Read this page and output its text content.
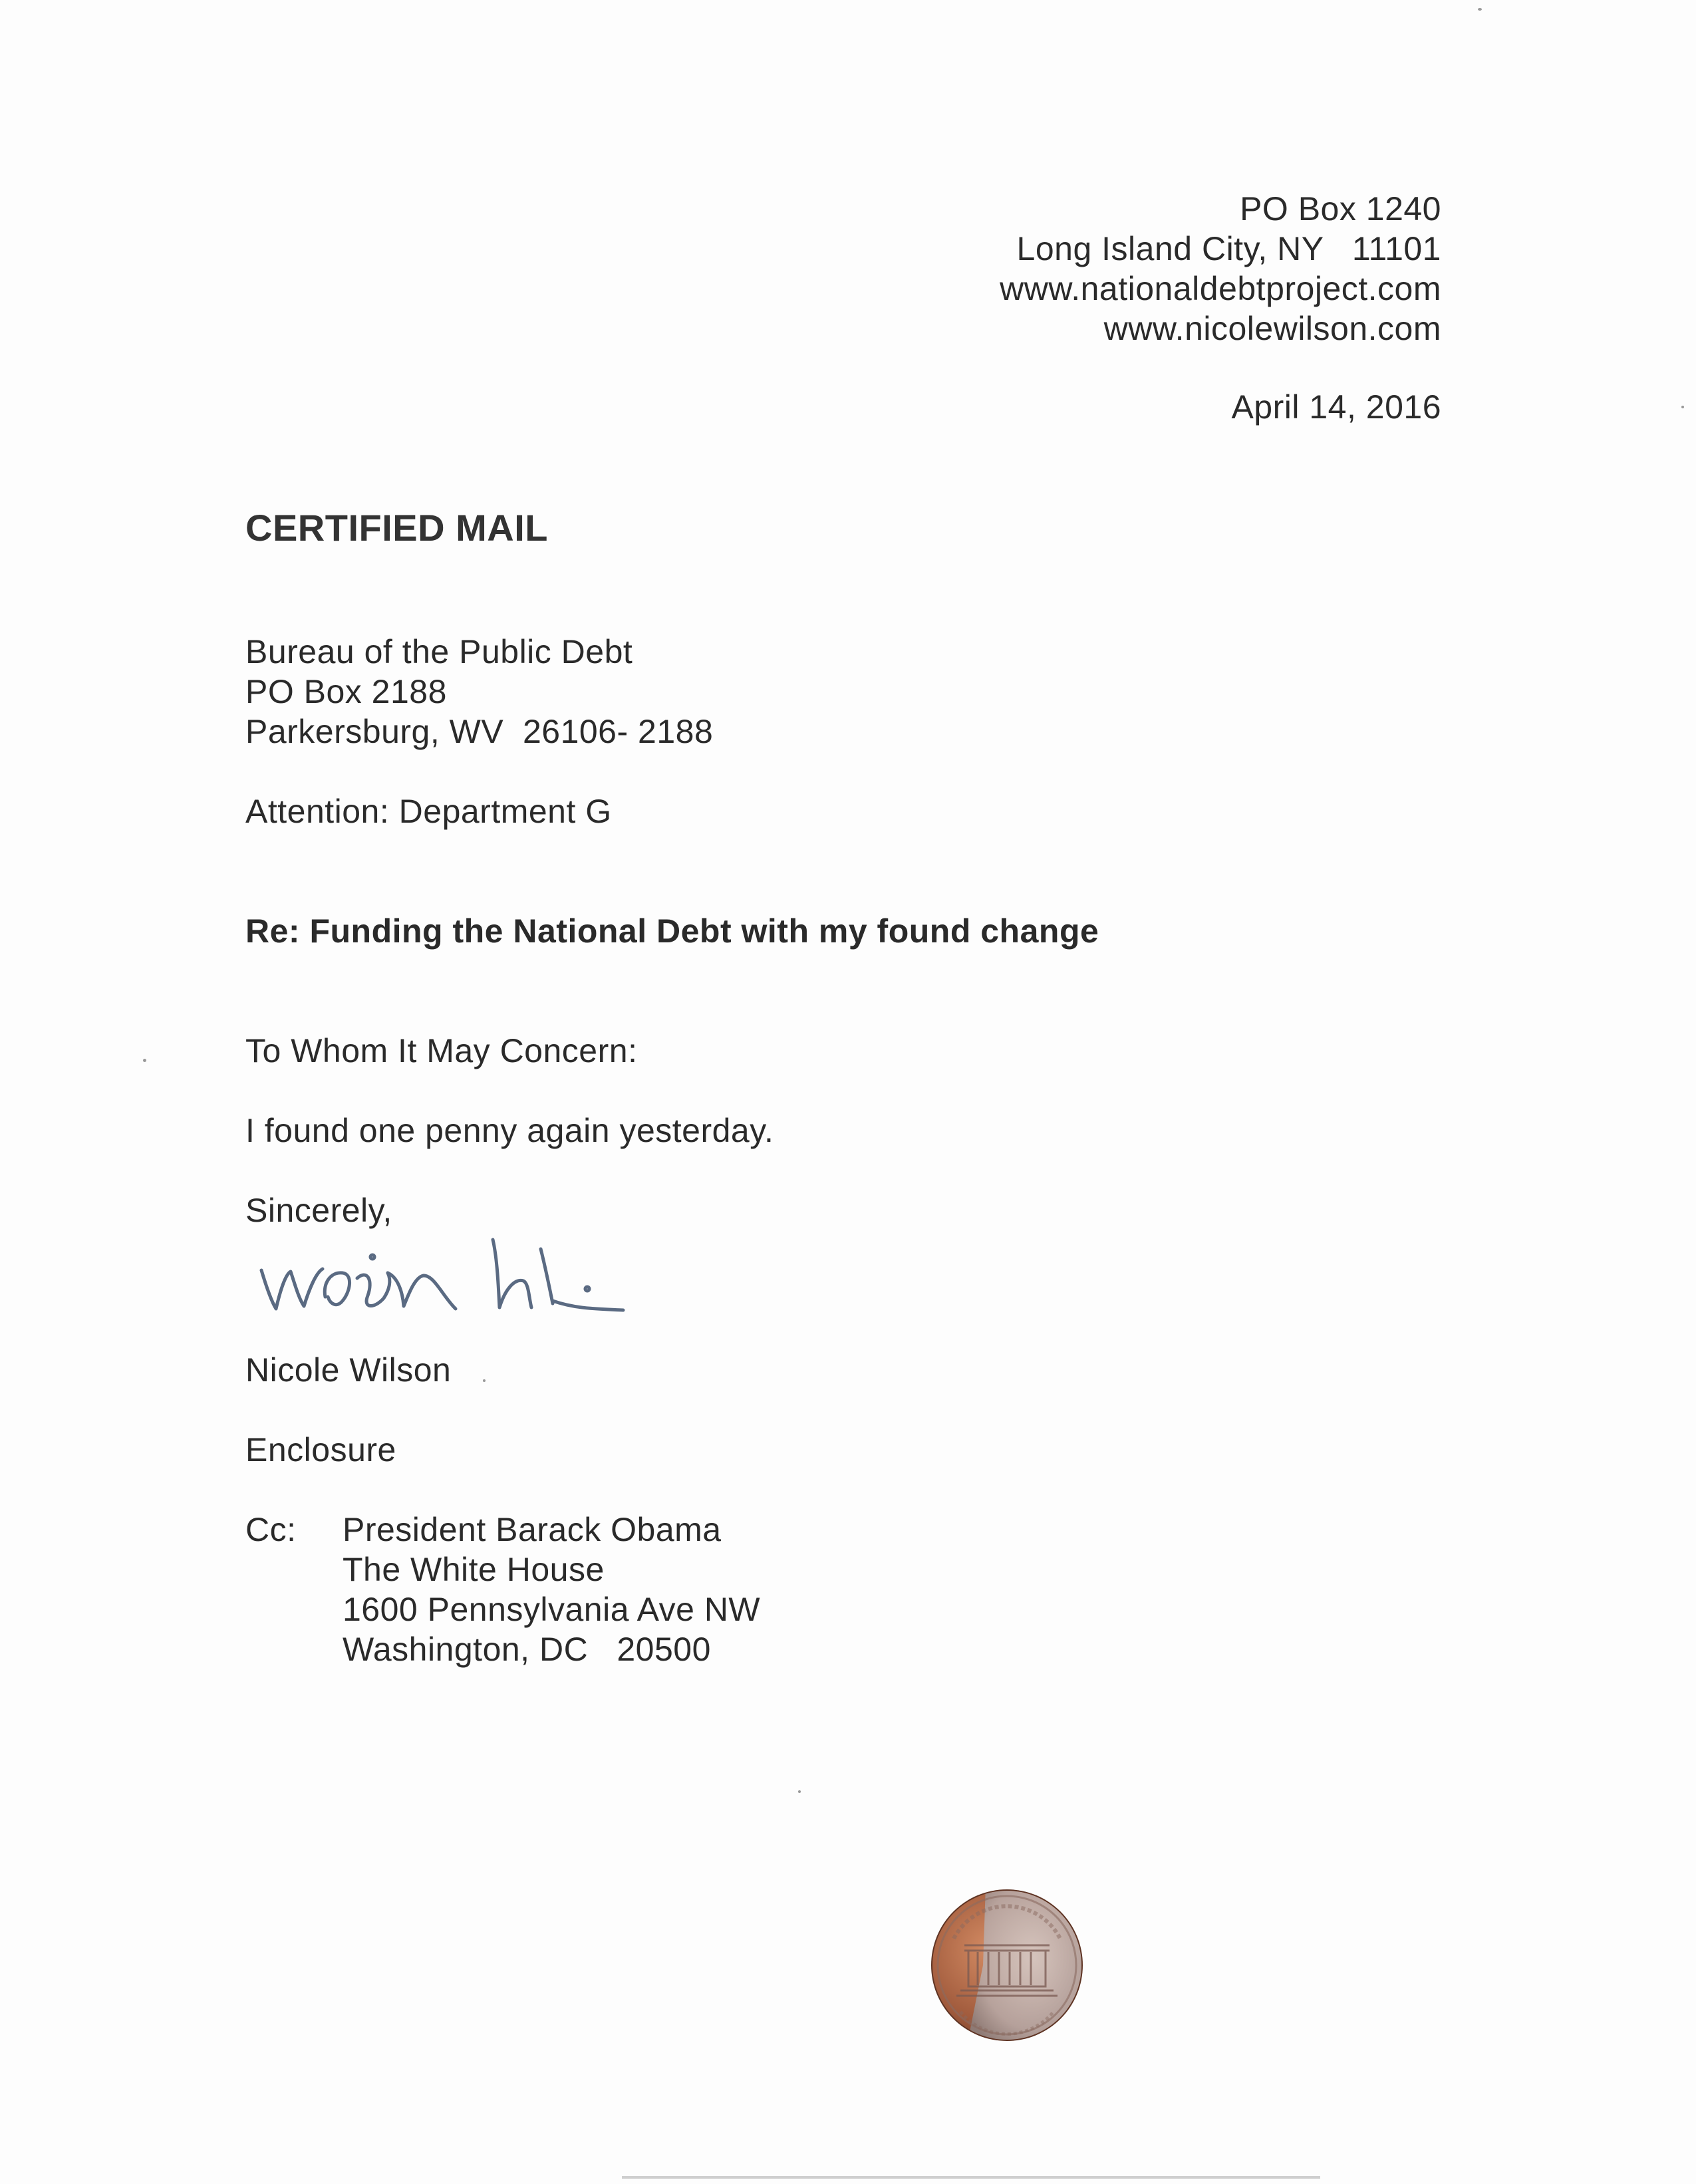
PO Box 1240
Long Island City, NY   11101
www.nationaldebtproject.com
www.nicolewilson.com
April 14, 2016
CERTIFIED MAIL
Bureau of the Public Debt
PO Box 2188
Parkersburg, WV  26106- 2188
Attention: Department G
Re: Funding the National Debt with my found change
To Whom It May Concern:
I found one penny again yesterday.
Sincerely,
Nicole Wilson
Enclosure
Cc: President Barack Obama
The White House
1600 Pennsylvania Ave NW
Washington, DC   20500
